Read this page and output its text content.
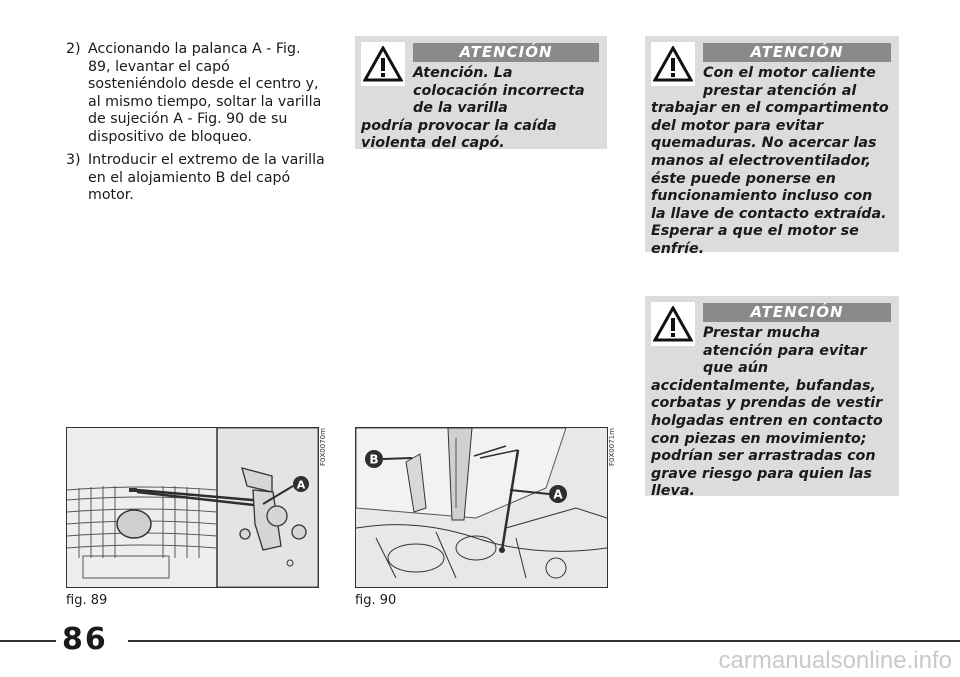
2) Accionando la palanca A - Fig. 89, levantar el capó sosteniéndolo desde el centro y, al mismo tiempo, soltar la varilla de sujeción A - Fig. 90 de su dispositivo de bloqueo.
3) Introducir el extremo de la varilla en el alojamiento B del capó motor.
ATENCIÓN
Atención. La colocación incorrecta de la varilla
podría provocar la caída violenta del capó.
ATENCIÓN
Con el motor caliente prestar atención al
trabajar en el compartimento del motor para evitar quemaduras. No acercar las manos al electroventilador, éste puede ponerse en funcionamiento incluso con la llave de contacto extraída. Esperar a que el motor se enfríe.
ATENCIÓN
Prestar mucha atención para evitar que aún
accidentalmente, bufandas, corbatas y prendas de vestir holgadas entren en contacto con piezas en movimiento; podrían ser arrastradas con grave riesgo para quien las lleva.
A
F0X0070m
fig. 89
B
A
F0X0071m
fig. 90
86
carmanualsonline.info
